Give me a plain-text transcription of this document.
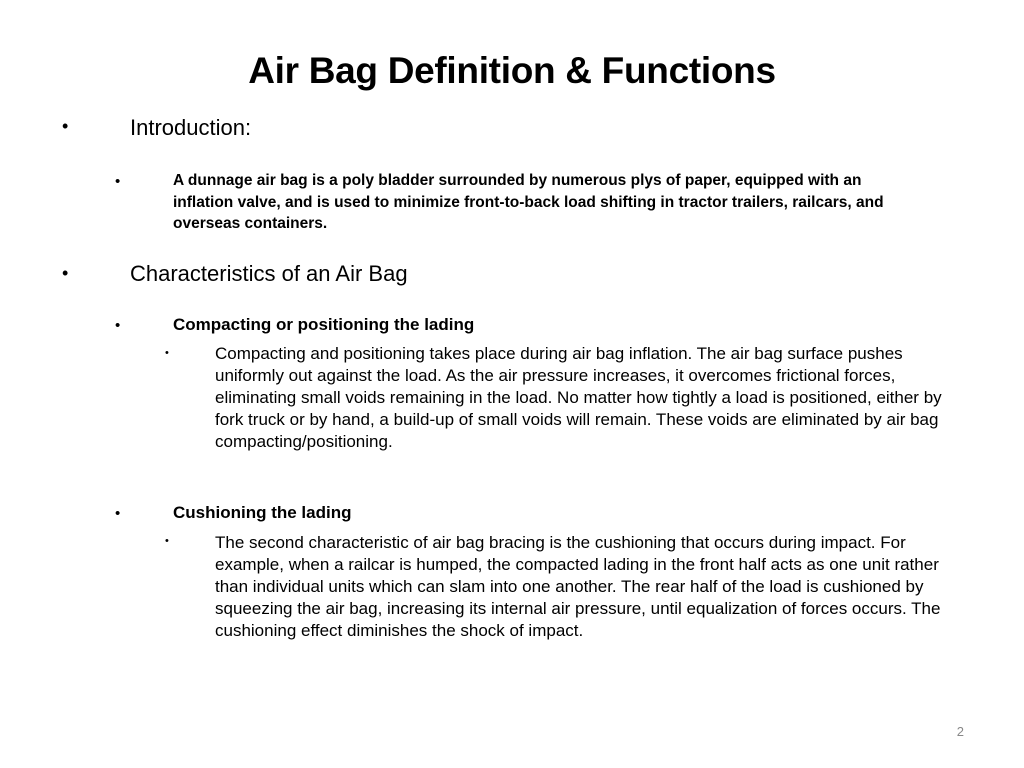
Air Bag Definition & Functions
•	Introduction:
•	A dunnage air bag is a poly bladder surrounded by numerous plys of paper, equipped with an inflation valve, and is used to minimize front-to-back load shifting in tractor trailers, railcars, and overseas containers.
•	Characteristics of an Air Bag
•	Compacting or positioning the lading
•	Compacting and positioning takes place during air bag inflation. The air bag surface pushes uniformly out against the load. As the air pressure increases, it overcomes frictional forces, eliminating small voids remaining in the load. No matter how tightly a load is positioned, either by fork truck or by hand, a build-up of small voids will remain. These voids are eliminated by air bag compacting/positioning.
•	Cushioning the lading
•	The second characteristic of air bag bracing is the cushioning that occurs during impact. For example, when a railcar is humped, the compacted lading in the front half acts as one unit rather than individual units which can slam into one another. The rear half of the load is cushioned by squeezing the air bag, increasing its internal air pressure, until equalization of forces occurs. The cushioning effect diminishes the shock of impact.
2
